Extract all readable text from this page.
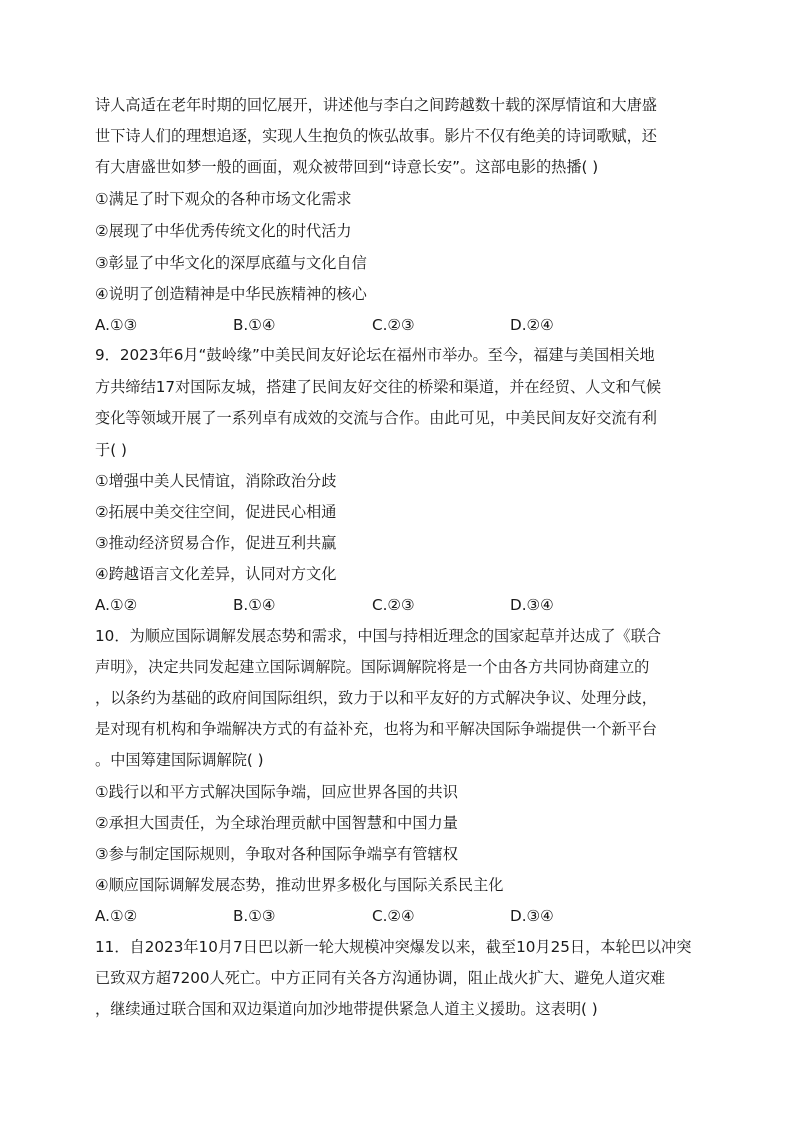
诗人高适在老年时期的回忆展开，讲述他与李白之间跨越数十载的深厚情谊和大唐盛
世下诗人们的理想追逐，实现人生抱负的恢弘故事。影片不仅有绝美的诗词歌赋，还
有大唐盛世如梦一般的画面，观众被带回到“诗意长安”。这部电影的热播( )
①满足了时下观众的各种市场文化需求
②展现了中华优秀传统文化的时代活力
③彰显了中华文化的深厚底蕴与文化自信
④说明了创造精神是中华民族精神的核心
A.①③	B.①④	C.②③	D.②④
9．2023年6月“鼓岭缘”中美民间友好论坛在福州市举办。至今，福建与美国相关地
方共缔结17对国际友城，搭建了民间友好交往的桥梁和渠道，并在经贸、人文和气候
变化等领域开展了一系列卓有成效的交流与合作。由此可见，中美民间友好交流有利
于( )
①增强中美人民情谊，消除政治分歧
②拓展中美交往空间，促进民心相通
③推动经济贸易合作，促进互利共赢
④跨越语言文化差异，认同对方文化
A.①②	B.①④	C.②③	D.③④
10．为顺应国际调解发展态势和需求，中国与持相近理念的国家起草并达成了《联合
声明》，决定共同发起建立国际调解院。国际调解院将是一个由各方共同协商建立的
，以条约为基础的政府间国际组织，致力于以和平友好的方式解决争议、处理分歧，
是对现有机构和争端解决方式的有益补充，也将为和平解决国际争端提供一个新平台
。中国筹建国际调解院( )
①践行以和平方式解决国际争端，回应世界各国的共识
②承担大国责任，为全球治理贡献中国智慧和中国力量
③参与制定国际规则，争取对各种国际争端享有管辖权
④顺应国际调解发展态势，推动世界多极化与国际关系民主化
A.①②	B.①③	C.②④	D.③④
11．自2023年10月7日巴以新一轮大规模冲突爆发以来，截至10月25日，本轮巴以冲突
已致双方超7200人死亡。中方正同有关各方沟通协调，阻止战火扩大、避免人道灾难
，继续通过联合国和双边渠道向加沙地带提供紧急人道主义援助。这表明( )
